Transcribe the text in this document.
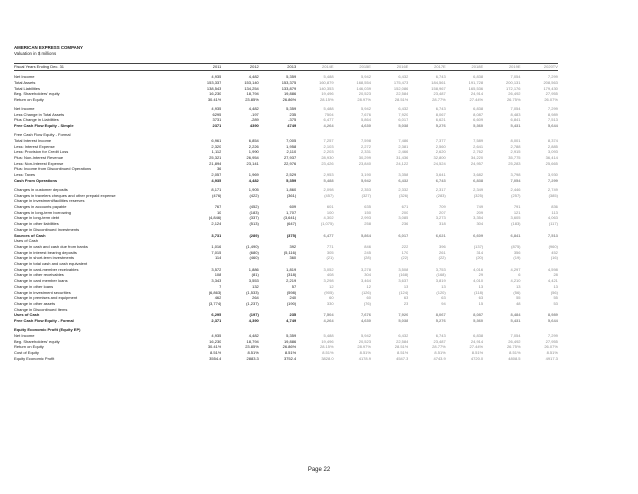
AMERICAN EXPRESS COMPANY
Valuation in $ millions
Fiscal Years Ending Dec. 31	2011	2012	2013	2014E	2015E	2016E	2017E	2018E	2019E	2020TV

Net Income	4,935	4,482	5,359	5,488	5,942	6,432	6,743	6,838	7,054	7,299
Total Assets	153,337	153,140	153,375	160,879	168,554	175,473	184,561	191,728	200,131	208,563
Total Liabilities	138,543	134,254	133,879	140,353	146,039	152,086	158,967	165,536	172,176	179,430
Beg. Shareholders' equity	16,230	18,794	19,886	19,496	20,523	22,584	23,487	24,914	26,492	27,955
Return on Equity	30.41%	23.85%	26.86%	28.15%	28.97%	28.51%	28.77%	27.44%	26.75%	26.07%

Net Income	4,935	4,482	5,359	5,488	5,942	6,432	6,743	6,838	7,054	7,299
Less Change in Total Assets	6295	-197	235	7504	7,676	7,920	8,067	8,087	8,483	8,989
Plus Change in Liabilities	3731	-289	-375	6,477	5,864	6,017	6,621	6,609	6,841	7,513
Free Cash Flow Equity - Simple	2371	4390	4749	4,264	4,630	5,038	5,276	5,360	5,431	5,644

Free Cash Flow Equity - Formal										
Total Interest Income	6,961	6,854	7,005	7,257	7,598	7,486	7,377	7,589	8,001	8,374
Less: Interest Expense	2,320	2,226	1,958	2,103	2,272	2,381	2,560	2,641	2,788	2,885
Less: Provision for Credit Loss	1,112	1,990	2,110	2,203	2,331	2,466	2,620	2,762	2,915	3,093
Plus: Non-Interest Revenue	25,321	26,954	27,937	28,930	30,299	31,436	32,800	34,220	35,775	36,414
Less: Non-Interest Expense	21,894	23,141	22,976	23,426	23,840	24,122	24,524	24,957	25,283	25,665
Plus: Income from Discontinued Operations	36									
Less: Taxes	2,057	1,969	2,529	2,953	3,190	3,358	3,641	3,682	3,798	3,930
Cash From Operations	4,935	4,482	5,359	5,488	5,942	6,432	6,743	6,838	7,054	7,299

Changes in customer deposits	8,171	1,905	1,860	2,098	2,353	2,332	2,317	2,349	2,446	2,749
Changes in travelers cheques and other prepaid expense	(476)	(422)	(361)	(457)	(327)	(326)	(283)	(325)	(257)	(385)
Change in investment/facilities reserves										
Changes in accounts payable	767	(452)	609	601	635	671	709	749	791	836
Changes in long-term borrowing	10	(183)	1,707	100	150	200	207	209	121	113
Change in long-term debt	(4,846)	(337)	(3,641)	4,302	2,993	3,085	3,273	3,354	3,605	4,063
Change in other liabilities	2,124	(513)	(647)	(1,075)	258	236	318	304	(183)	(117)
Change in Discontinued Investments										
Sources of Cash	3,731	(289)	(375)	6,477	5,864	6,017	6,621	6,609	6,841	7,513
Uses of Cash										
Change in cash and cash due from banks	1,016	(1,490)	392	771	846	222	396	(137)	(875)	(960)
Change in interest bearing deposits	7,015	(680)	(5,116)	305	245	170	261	314	356	452
Change in short-term investments	114	(460)	360	(21)	(28)	(22)	(22)	(20)	(19)	(16)
Change in total cash and cash equivalent										
Change in card-member receivables	3,572	1,886	1,819	3,052	3,278	3,508	3,753	4,016	4,297	4,598
Change in other receivables	108	(81)	(318)	408	304	(168)	(168)	29	6	28
Change in card member loans	3,343	3,553	2,219	3,298	3,464	3,637	3,819	4,010	4,210	4,421
Change in other loans	7	132	57	12	12	13	13	13	13	13
Change in investment securities	(6,863)	(1,533)	(598)	(905)	(126)	(124)	(120)	(118)	(56)	(56)
Change in premises and equipment	462	264	240	60	60	63	63	63	55	55
Change in other assets	(3,774)	(1,237)	(190)	330	(76)	23	94	15	48	53
Change in Discontinued Items										
Uses of Cash	6,295	(197)	235	7,504	7,676	7,920	8,067	8,087	8,484	8,989
Free Cash Flow Equity - Formal	2,371	4,390	4,749	4,264	4,630	5,038	5,276	5,360	5,431	5,644

Equity Economic Profit (Equity EP)										
Net Income	4,935	4,482	5,359	5,488	5,942	6,432	6,743	6,838	7,054	7,299
Beg. Shareholders' equity	16,230	18,794	19,886	19,496	20,523	22,584	23,487	24,914	26,492	27,955
Return on Equity	30.41%	23.85%	26.86%	28.15%	28.97%	28.51%	28.77%	27.44%	26.75%	26.07%
Cost of Equity	8.51%	8.51%	8.51%	8.51%	8.51%	8.51%	8.51%	8.51%	8.51%	8.51%
Equity Economic Profit	3554.4	2883.3	3752.4	3828.0	4178.9	4547.3	4743.9	4720.0	4808.5	4917.3
Page 22
